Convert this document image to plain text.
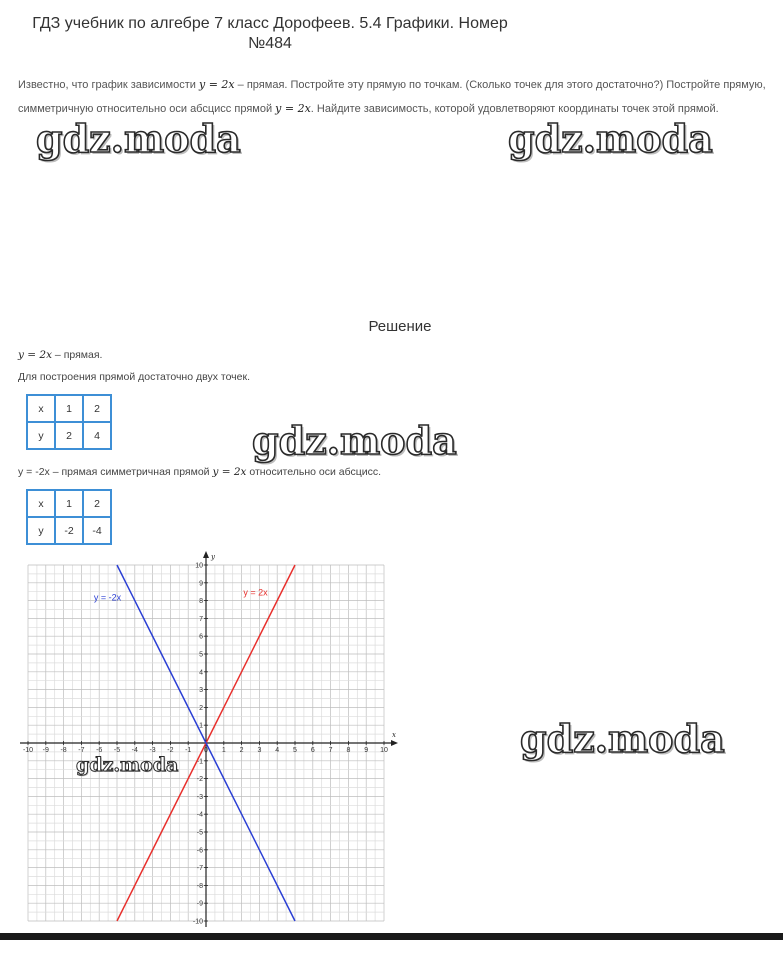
ГДЗ учебник по алгебре 7 класс Дорофеев. 5.4 Графики. Номер
№484
Известно, что график зависимости y = 2x – прямая. Постройте эту прямую по точкам. (Сколько точек для этого достаточно?) Постройте прямую, симметричную относительно оси абсцисс прямой y = 2x. Найдите зависимость, которой удовлетворяют координаты точек этой прямой.
gdz.moda	gdz.moda
Решение
y = 2x – прямая.
Для построения прямой достаточно двух точек.
x	1	2
y	2	4	gdz.moda
y = -2x – прямая симметричная прямой y = 2x относительно оси абсцисс.
x	1	2
y	-2	-4
x
y
-10 -9 -8 -7 -6 -5 -4 -3 -2 -1 0 1 2 3 4 5 6 7 8 9 10
-10
-9
-8
-7
-6
-5
-4
-3
-2
-1
1
2
3
4
5
6
7
8
9
10
y = 2x
y = -2x
gdz.moda
gdz.moda
